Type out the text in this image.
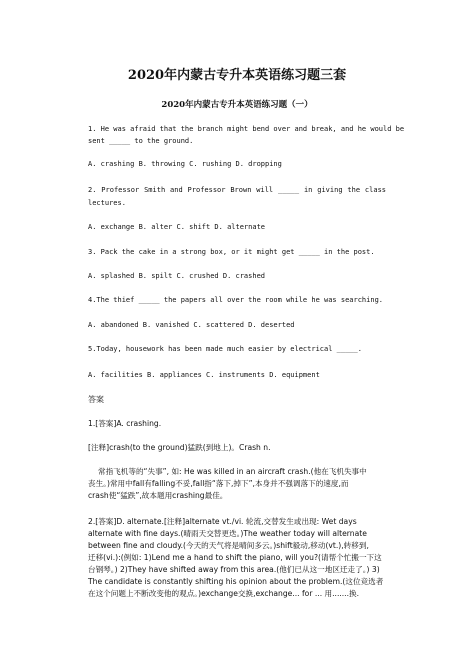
2020年内蒙古专升本英语练习题三套
2020年内蒙古专升本英语练习题（一）
1. He was afraid that the branch might bend over and break, and he would be
sent _____ to the ground.
A. crashing B. throwing C. rushing D. dropping
2. Professor Smith and Professor Brown will _____ in giving the class
lectures.
A. exchange B. alter C. shift D. alternate
3. Pack the cake in a strong box, or it might get _____ in the post.
A. splashed B. spilt C. crushed D. crashed
4.The thief _____ the papers all over the room while he was searching.
A. abandoned B. vanished C. scattered D. deserted
5.Today, housework has been made much easier by electrical _____.
A. facilities B. appliances C. instruments D. equipment
答案
1.[答案]A. crashing.
[注释]crash(to the ground)猛跌(到地上)。Crash n.
常指飞机等的“失事”, 如: He was killed in an aircraft crash.(他在飞机失事中
丧生。)常用中fall有falling不妥,fall指“落下,掉下”,本身并不强调落下的速度,而
crash使“猛跌”,故本题用crashing最佳。
2.[答案]D. alternate.[注释]alternate vt./vi. 轮流,交替发生或出现: Wet days
alternate with fine days.(晴雨天交替更迭。)The weather today will alternate
between fine and cloudy.(今天的天气将是晴间多云。)shift毅动,移动(vt.),转移到,
迁移(vi.):(例如: 1)Lend me a hand to shift the piano, will you?(请帮个忙搬一下这
台钢琴。) 2)They have shifted away from this area.(他们已从这一地区迁走了。) 3)
The candidate is constantly shifting his opinion about the problem.(这位竞选者
在这个问题上不断改变他的观点。)exchange交换,exchange... for ... 用.......换.
